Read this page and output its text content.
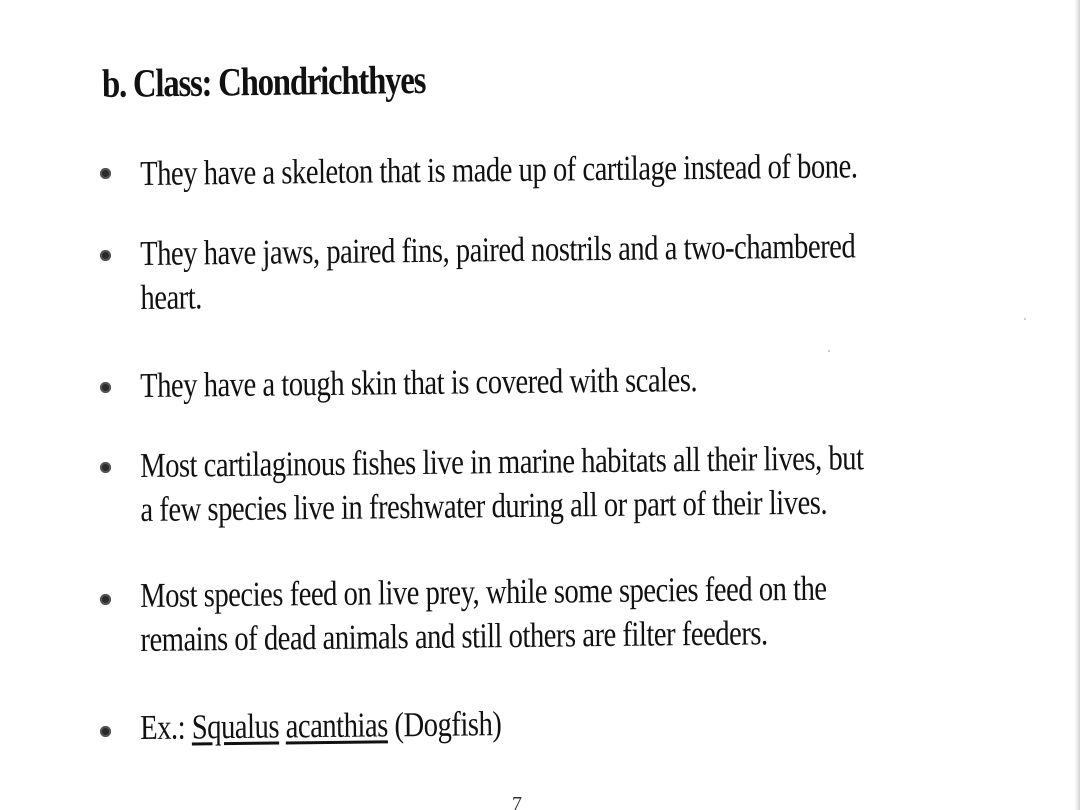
b. Class: Chondrichthyes

They have a skeleton that is made up of cartilage instead of bone.

They have jaws, paired fins, paired nostrils and a two-chambered
heart.

They have a tough skin that is covered with scales.

Most cartilaginous fishes live in marine habitats all their lives, but
a few species live in freshwater during all or part of their lives.

Most species feed on live prey, while some species feed on the
remains of dead animals and still others are filter feeders.

Ex.: Squalus acanthias (Dogfish)

7
